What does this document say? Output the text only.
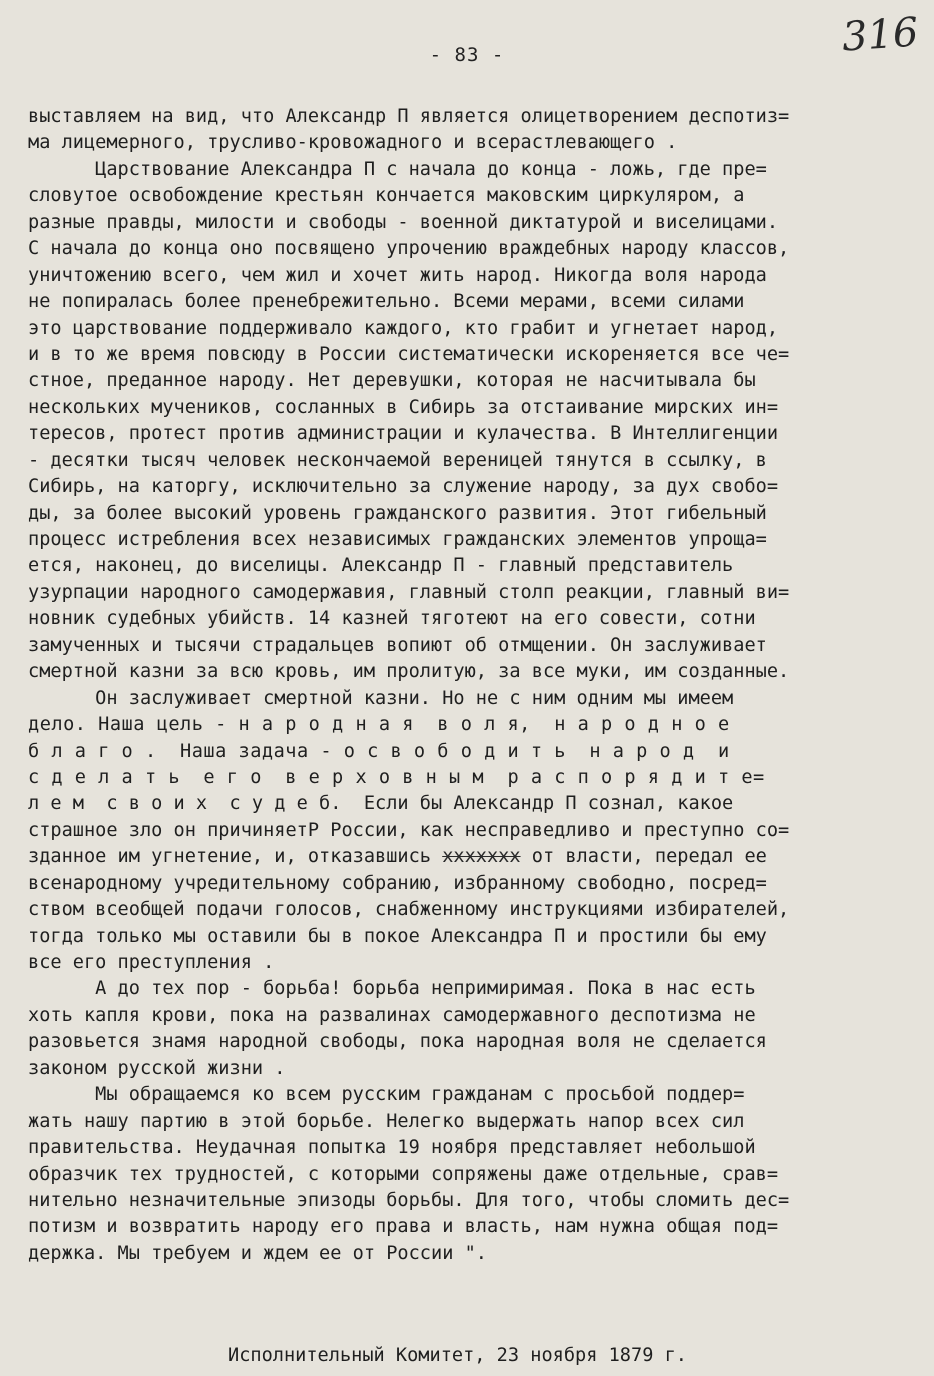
316
- 83 -
выставляем на вид, что Александр П является олицетворением деспотиз=
ма лицемерного, трусливо-кровожадного и всерастлевающего .
Царствование Александра П с начала до конца - ложь, где пре=
словутое освобождение крестьян кончается маковским циркуляром, а
разные правды, милости и свободы - военной диктатурой и виселицами.
С начала до конца оно посвящено упрочению враждебных народу классов,
уничтожению всего, чем жил и хочет жить народ. Никогда воля народа
не попиралась более пренебрежительно. Всеми мерами, всеми силами
это царствование поддерживало каждого, кто грабит и угнетает народ,
и в то же время повсюду в России систематически искореняется все че=
стное, преданное народу. Нет деревушки, которая не насчитывала бы
нескольких мучеников, сосланных в Сибирь за отстаивание мирских ин=
тересов, протест против администрации и кулачества. В Интеллигенции
- десятки тысяч человек нескончаемой вереницей тянутся в ссылку, в
Сибирь, на каторгу, исключительно за служение народу, за дух свобо=
ды, за более высокий уровень гражданского развития. Этот гибельный
процесс истребления всех независимых гражданских элементов упроща=
ется, наконец, до виселицы. Александр П - главный представитель
узурпации народного самодержавия, главный столп реакции, главный ви=
новник судебных убийств. 14 казней тяготеют на его совести, сотни
замученных и тысячи страдальцев вопиют об отмщении. Он заслуживает
смертной казни за всю кровь, им пролитую, за все муки, им созданные.
Он заслуживает смертной казни. Но не с ним одним мы имеем
дело. Наша цель - н а р о д н а я  в о л я,  н а р о д н о е
б л а г о .  Наша задача - о с в о б о д и т ь  н а р о д  и
с д е л а т ь  е г о  в е р х о в н ы м  р а с п о р я д и т е=
л е м  с в о и х  с у д е б.  Если бы Александр П сознал, какое
страшное зло он причиняетР России, как несправедливо и преступно со=
зданное им угнетение, и, отказавшись xxxxxxx от власти, передал ее
всенародному учредительному собранию, избранному свободно, посред=
ством всеобщей подачи голосов, снабженному инструкциями избирателей,
тогда только мы оставили бы в покое Александра П и простили бы ему
все его преступления .
А до тех пор - борьба! борьба непримиримая. Пока в нас есть
хоть капля крови, пока на развалинах самодержавного деспотизма не
разовьется знамя народной свободы, пока народная воля не сделается
законом русской жизни .
Мы обращаемся ко всем русским гражданам с просьбой поддер=
жать нашу партию в этой борьбе. Нелегко выдержать напор всех сил
правительства. Неудачная попытка 19 ноября представляет небольшой
образчик тех трудностей, с которыми сопряжены даже отдельные, срав=
нительно незначительные эпизоды борьбы. Для того, чтобы сломить дес=
потизм и возвратить народу его права и власть, нам нужна общая под=
держка. Мы требуем и ждем ее от России ".
Исполнительный Комитет, 23 ноября 1879 г.
